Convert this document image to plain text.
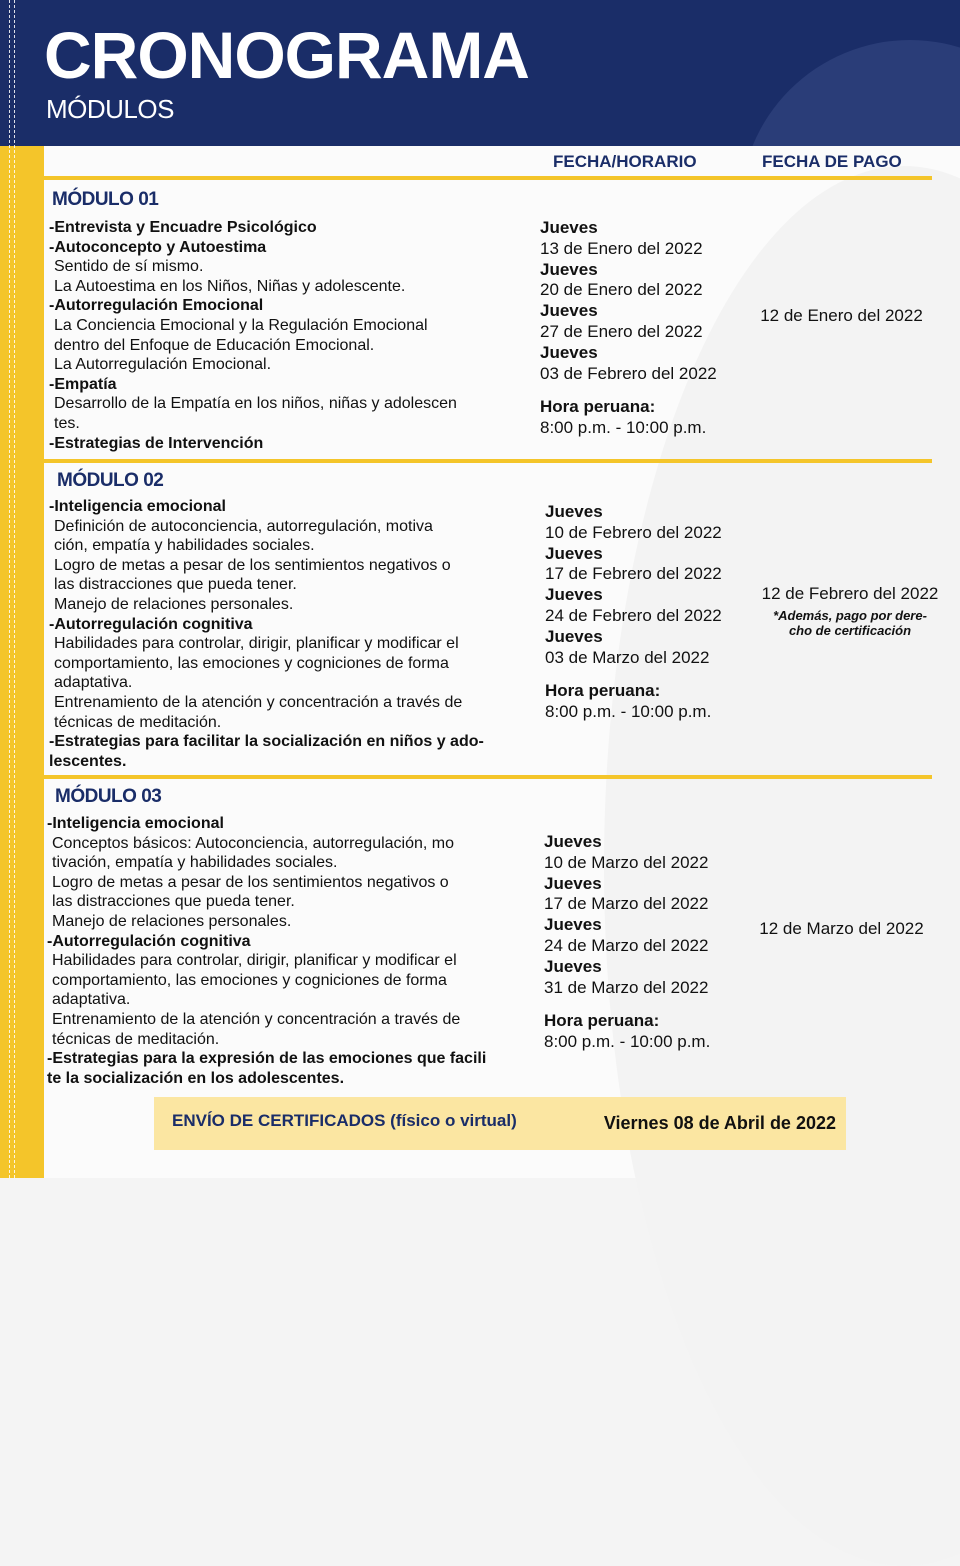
CRONOGRAMA
MÓDULOS
FECHA/HORARIO	FECHA DE PAGO
MÓDULO 01
-Entrevista y Encuadre Psicológico
-Autoconcepto y Autoestima
Sentido de sí mismo.
La Autoestima en los Niños, Niñas y adolescente.
-Autorregulación Emocional
La Conciencia Emocional y la Regulación Emocional
dentro del Enfoque de Educación Emocional.
La Autorregulación Emocional.
-Empatía
Desarrollo de la Empatía en los niños, niñas y adolescen
tes.
-Estrategias de Intervención
Jueves
13 de Enero del 2022
Jueves
20 de Enero del 2022
Jueves
27 de Enero del 2022
Jueves
03 de Febrero del 2022
Hora peruana:
8:00 p.m. - 10:00 p.m.
12 de Enero del 2022
MÓDULO 02
-Inteligencia emocional
Definición de autoconciencia, autorregulación, motiva
ción, empatía y habilidades sociales.
Logro de metas a pesar de los sentimientos negativos o
las distracciones que pueda tener.
Manejo de relaciones personales.
-Autorregulación cognitiva
Habilidades para controlar, dirigir, planificar y modificar el
comportamiento, las emociones y cogniciones de forma
adaptativa.
Entrenamiento de la atención y concentración a través de
técnicas de meditación.
-Estrategias para facilitar la socialización en niños y ado-
lescentes.
Jueves
10 de Febrero del 2022
Jueves
17 de Febrero del 2022
Jueves
24 de Febrero del 2022
Jueves
03 de Marzo del 2022
Hora peruana:
8:00 p.m. - 10:00 p.m.
12 de Febrero del 2022
*Además, pago por dere-
cho de certificación
MÓDULO 03
-Inteligencia emocional
Conceptos básicos: Autoconciencia, autorregulación, mo
tivación, empatía y habilidades sociales.
Logro de metas a pesar de los sentimientos negativos o
las distracciones que pueda tener.
Manejo de relaciones personales.
-Autorregulación cognitiva
Habilidades para controlar, dirigir, planificar y modificar el
comportamiento, las emociones y cogniciones de forma
adaptativa.
Entrenamiento de la atención y concentración a través de
técnicas de meditación.
-Estrategias para la expresión de las emociones que facili
te la socialización en los adolescentes.
Jueves
10 de Marzo del 2022
Jueves
17 de Marzo del 2022
Jueves
24 de Marzo del 2022
Jueves
31 de Marzo del 2022
Hora peruana:
8:00 p.m. - 10:00 p.m.
12 de Marzo del 2022
ENVÍO DE CERTIFICADOS (físico o virtual)	Viernes 08 de Abril de 2022
